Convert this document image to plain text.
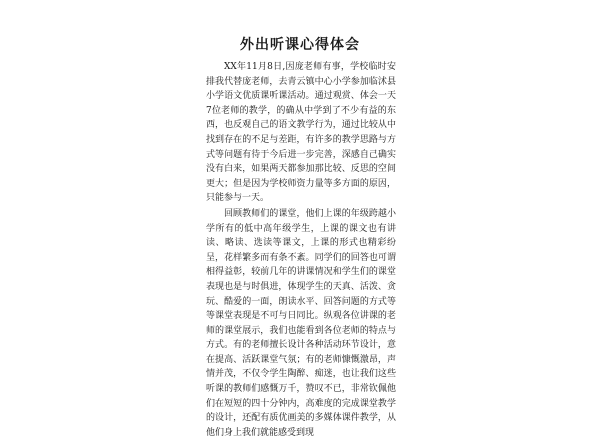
外出听课心得体会

XX年11月8日,因庞老师有事，学校临时安排我代替庞老师，去青云镇中心小学参加临沭县小学语文优质课听课活动。通过观赏、体会一天7位老师的教学，的确从中学到了不少有益的东西，也反观自己的语文教学行为，通过比较从中找到存在的不足与差距，有许多的教学思路与方式等问题有待于今后进一步完善，深感自己确实没有白来，如果两天都参加那比较、反思的空间更大；但是因为学校师资力量等多方面的原因，只能参与一天。

回顾教师们的课堂，他们上课的年级跨越小学所有的低中高年级学生，上课的课文也有讲读、略读、选读等课文，上课的形式也精彩纷呈，花样繁多而有条不紊。同学们的回答也可谓相得益彰，较前几年的讲课情况和学生们的课堂表现也是与时俱进，体现学生的天真、活泼、贪玩、酷爱的一面，朗读水平、回答问题的方式等等课堂表现是不可与日同比。纵观各位讲课的老师的课堂展示，我们也能看到各位老师的特点与方式。有的老师擅长设计各种活动环节设计，意在提高、活跃课堂气氛；有的老师慷慨激昂，声情并茂，不仅令学生陶醉、痴迷，也让我们这些听课的教师们感慨万千，赞叹不已，非常钦佩他们在短短的四十分钟内，高难度的完成课堂教学的设计，还配有质优画美的多媒体课件教学，从他们身上我们就能感受到现
